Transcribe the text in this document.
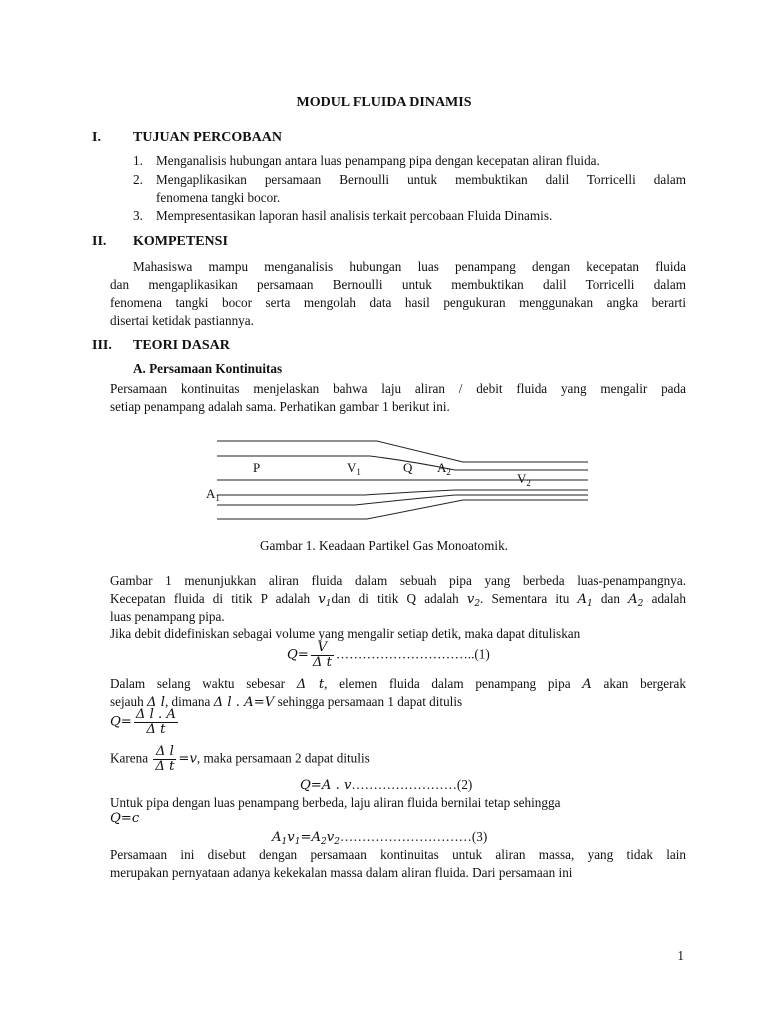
MODUL FLUIDA DINAMIS
I. TUJUAN PERCOBAAN
1. Menganalisis hubungan antara luas penampang pipa dengan kecepatan aliran fluida.
2. Mengaplikasikan persamaan Bernoulli untuk membuktikan dalil Torricelli dalam
fenomena tangki bocor.
3. Mempresentasikan laporan hasil analisis terkait percobaan Fluida Dinamis.
II. KOMPETENSI
Mahasiswa mampu menganalisis hubungan luas penampang dengan kecepatan fluida
dan mengaplikasikan persamaan Bernoulli untuk membuktikan dalil Torricelli dalam
fenomena tangki bocor serta mengolah data hasil pengukuran menggunakan angka berarti
disertai ketidak pastiannya.
III. TEORI DASAR
A. Persamaan Kontinuitas
Persamaan kontinuitas menjelaskan bahwa laju aliran / debit fluida yang mengalir pada
setiap penampang adalah sama. Perhatikan gambar 1 berikut ini.
P	$V_1$	Q $A_2$	$V_2$
$A_1$
Gambar 1. Keadaan Partikel Gas Monoatomik.
Gambar 1 menunjukkan aliran fluida dalam sebuah pipa yang berbeda luas-penampangnya.
Kecepatan fluida di titik P adalah $v_1dan$ di titik Q adalah $v_2$. Sementara itu $A_1$ dan $A_2$ adalah
luas penampang pipa.
Jika debit didefiniskan sebagai volume yang mengalir setiap detik, maka dapat dituliskan
$Q= \frac{V}{\text{Δ t}}$ …………………………..(1)
Dalam selang waktu sebesar Δ t, elemen fluida dalam penampang pipa A akan bergerak
sejauh Δ l, dimana Δ l . A=V sehingga persamaan 1 dapat ditulis
$Q= \frac{\text{Δ l . A}}{\text{Δ t}}$
Karena $\frac{\text{Δ l}}{\text{Δ t}} =v$, maka persamaan 2 dapat ditulis
Q=A . v……………………(2)
Untuk pipa dengan luas penampang berbeda, laju aliran fluida bernilai tetap sehingga
Q=c
$A_1v_1=A_2v_2\dots\dots\dots\dots\dots\dots\dots\dots\dots\dots(3)$
Persamaan ini disebut dengan persamaan kontinuitas untuk aliran massa, yang tidak lain
merupakan pernyataan adanya kekekalan massa dalam aliran fluida. Dari persamaan ini
1
